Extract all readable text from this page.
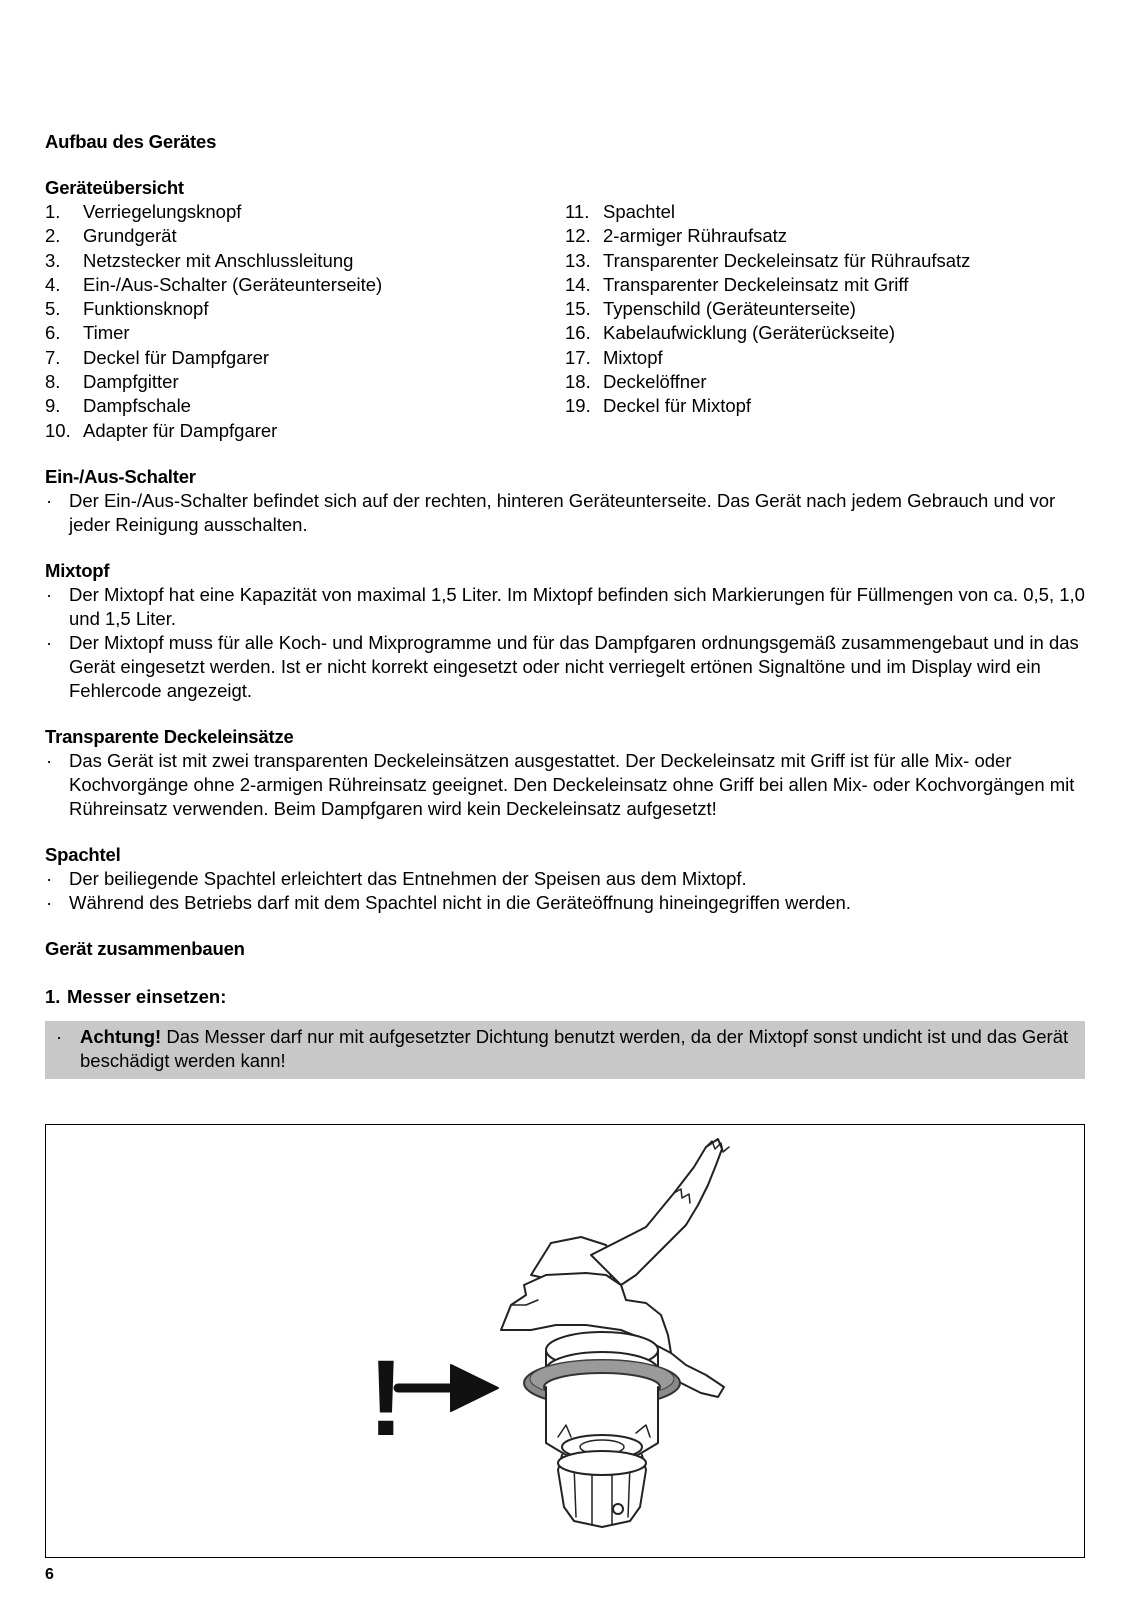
Aufbau des Gerätes
Geräteübersicht
1.	Verriegelungsknopf
2.	Grundgerät
3.	Netzstecker mit Anschlussleitung
4.	Ein-/Aus-Schalter (Geräteunterseite)
5.	Funktionsknopf
6.	Timer
7.	Deckel für Dampfgarer
8.	Dampfgitter
9.	Dampfschale
10. Adapter für Dampfgarer
11. Spachtel
12. 2-armiger Rühraufsatz
13. Transparenter Deckeleinsatz für Rühraufsatz
14. Transparenter Deckeleinsatz mit Griff
15. Typenschild (Geräteunterseite)
16. Kabelaufwicklung (Geräterückseite)
17. Mixtopf
18. Deckelöffner
19. Deckel für Mixtopf
Ein-/Aus-Schalter
· Der Ein-/Aus-Schalter befindet sich auf der rechten, hinteren Geräteunterseite. Das Gerät nach jedem Gebrauch und vor jeder Reinigung ausschalten.
Mixtopf
· Der Mixtopf hat eine Kapazität von maximal 1,5 Liter. Im Mixtopf befinden sich Markierungen für Füllmengen von ca. 0,5, 1,0 und 1,5 Liter.
· Der Mixtopf muss für alle Koch- und Mixprogramme und für das Dampfgaren ordnungsgemäß zusammengebaut und in das Gerät eingesetzt werden. Ist er nicht korrekt eingesetzt oder nicht verriegelt ertönen Signaltöne und im Display wird ein Fehlercode angezeigt.
Transparente Deckeleinsätze
· Das Gerät ist mit zwei transparenten Deckeleinsätzen ausgestattet. Der Deckeleinsatz mit Griff ist für alle Mix- oder Kochvorgänge ohne 2-armigen Rühreinsatz geeignet. Den Deckeleinsatz ohne Griff bei allen Mix- oder Kochvorgängen mit Rühreinsatz verwenden. Beim Dampfgaren wird kein Deckeleinsatz aufgesetzt!
Spachtel
· Der beiliegende Spachtel erleichtert das Entnehmen der Speisen aus dem Mixtopf.
· Während des Betriebs darf mit dem Spachtel nicht in die Geräteöffnung hineingegriffen werden.
Gerät zusammenbauen
1. Messer einsetzen:
· Achtung! Das Messer darf nur mit aufgesetzter Dichtung benutzt werden, da der Mixtopf sonst undicht ist und das Gerät beschädigt werden kann!
!
6
